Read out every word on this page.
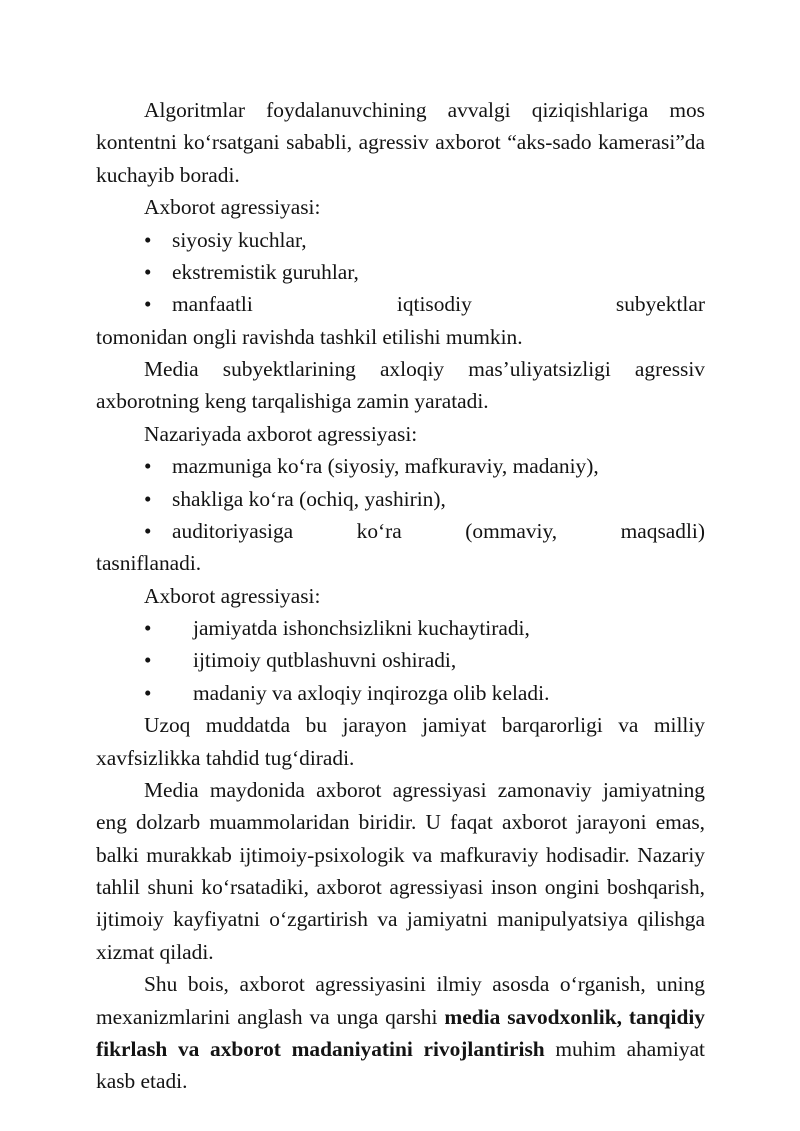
Algoritmlar foydalanuvchining avvalgi qiziqishlariga mos kontentni ko‘rsatgani sababli, agressiv axborot “aks-sado kamerasi”da kuchayib boradi.

Axborot agressiyasi:

• siyosiy kuchlar,
• ekstremistik guruhlar,
• manfaatli	iqtisodiy	subyektlar
tomonidan ongli ravishda tashkil etilishi mumkin.

Media subyektlarining axloqiy mas’uliyatsizligi agressiv axborotning keng tarqalishiga zamin yaratadi.

Nazariyada axborot agressiyasi:

• mazmuniga ko‘ra (siyosiy, mafkuraviy, madaniy),
• shakliga ko‘ra (ochiq, yashirin),
• auditoriyasiga	ko‘ra	(ommaviy,	maqsadli)
tasniflanadi.

Axborot agressiyasi:

• jamiyatda ishonchsizlikni kuchaytiradi,
• ijtimoiy qutblashuvni oshiradi,
• madaniy va axloqiy inqirozga olib keladi.

Uzoq muddatda bu jarayon jamiyat barqarorligi va milliy xavfsizlikka tahdid tug‘diradi.

Media maydonida axborot agressiyasi zamonaviy jamiyatning eng dolzarb muammolaridan biridir. U faqat axborot jarayoni emas, balki murakkab ijtimoiy-psixologik va mafkuraviy hodisadir. Nazariy tahlil shuni ko‘rsatadiki, axborot agressiyasi inson ongini boshqarish, ijtimoiy kayfiyatni o‘zgartirish va jamiyatni manipulyatsiya qilishga xizmat qiladi.

Shu bois, axborot agressiyasini ilmiy asosda o‘rganish, uning mexanizmlarini anglash va unga qarshi media savodxonlik, tanqidiy fikrlash va axborot madaniyatini rivojlantirish muhim ahamiyat kasb etadi.
